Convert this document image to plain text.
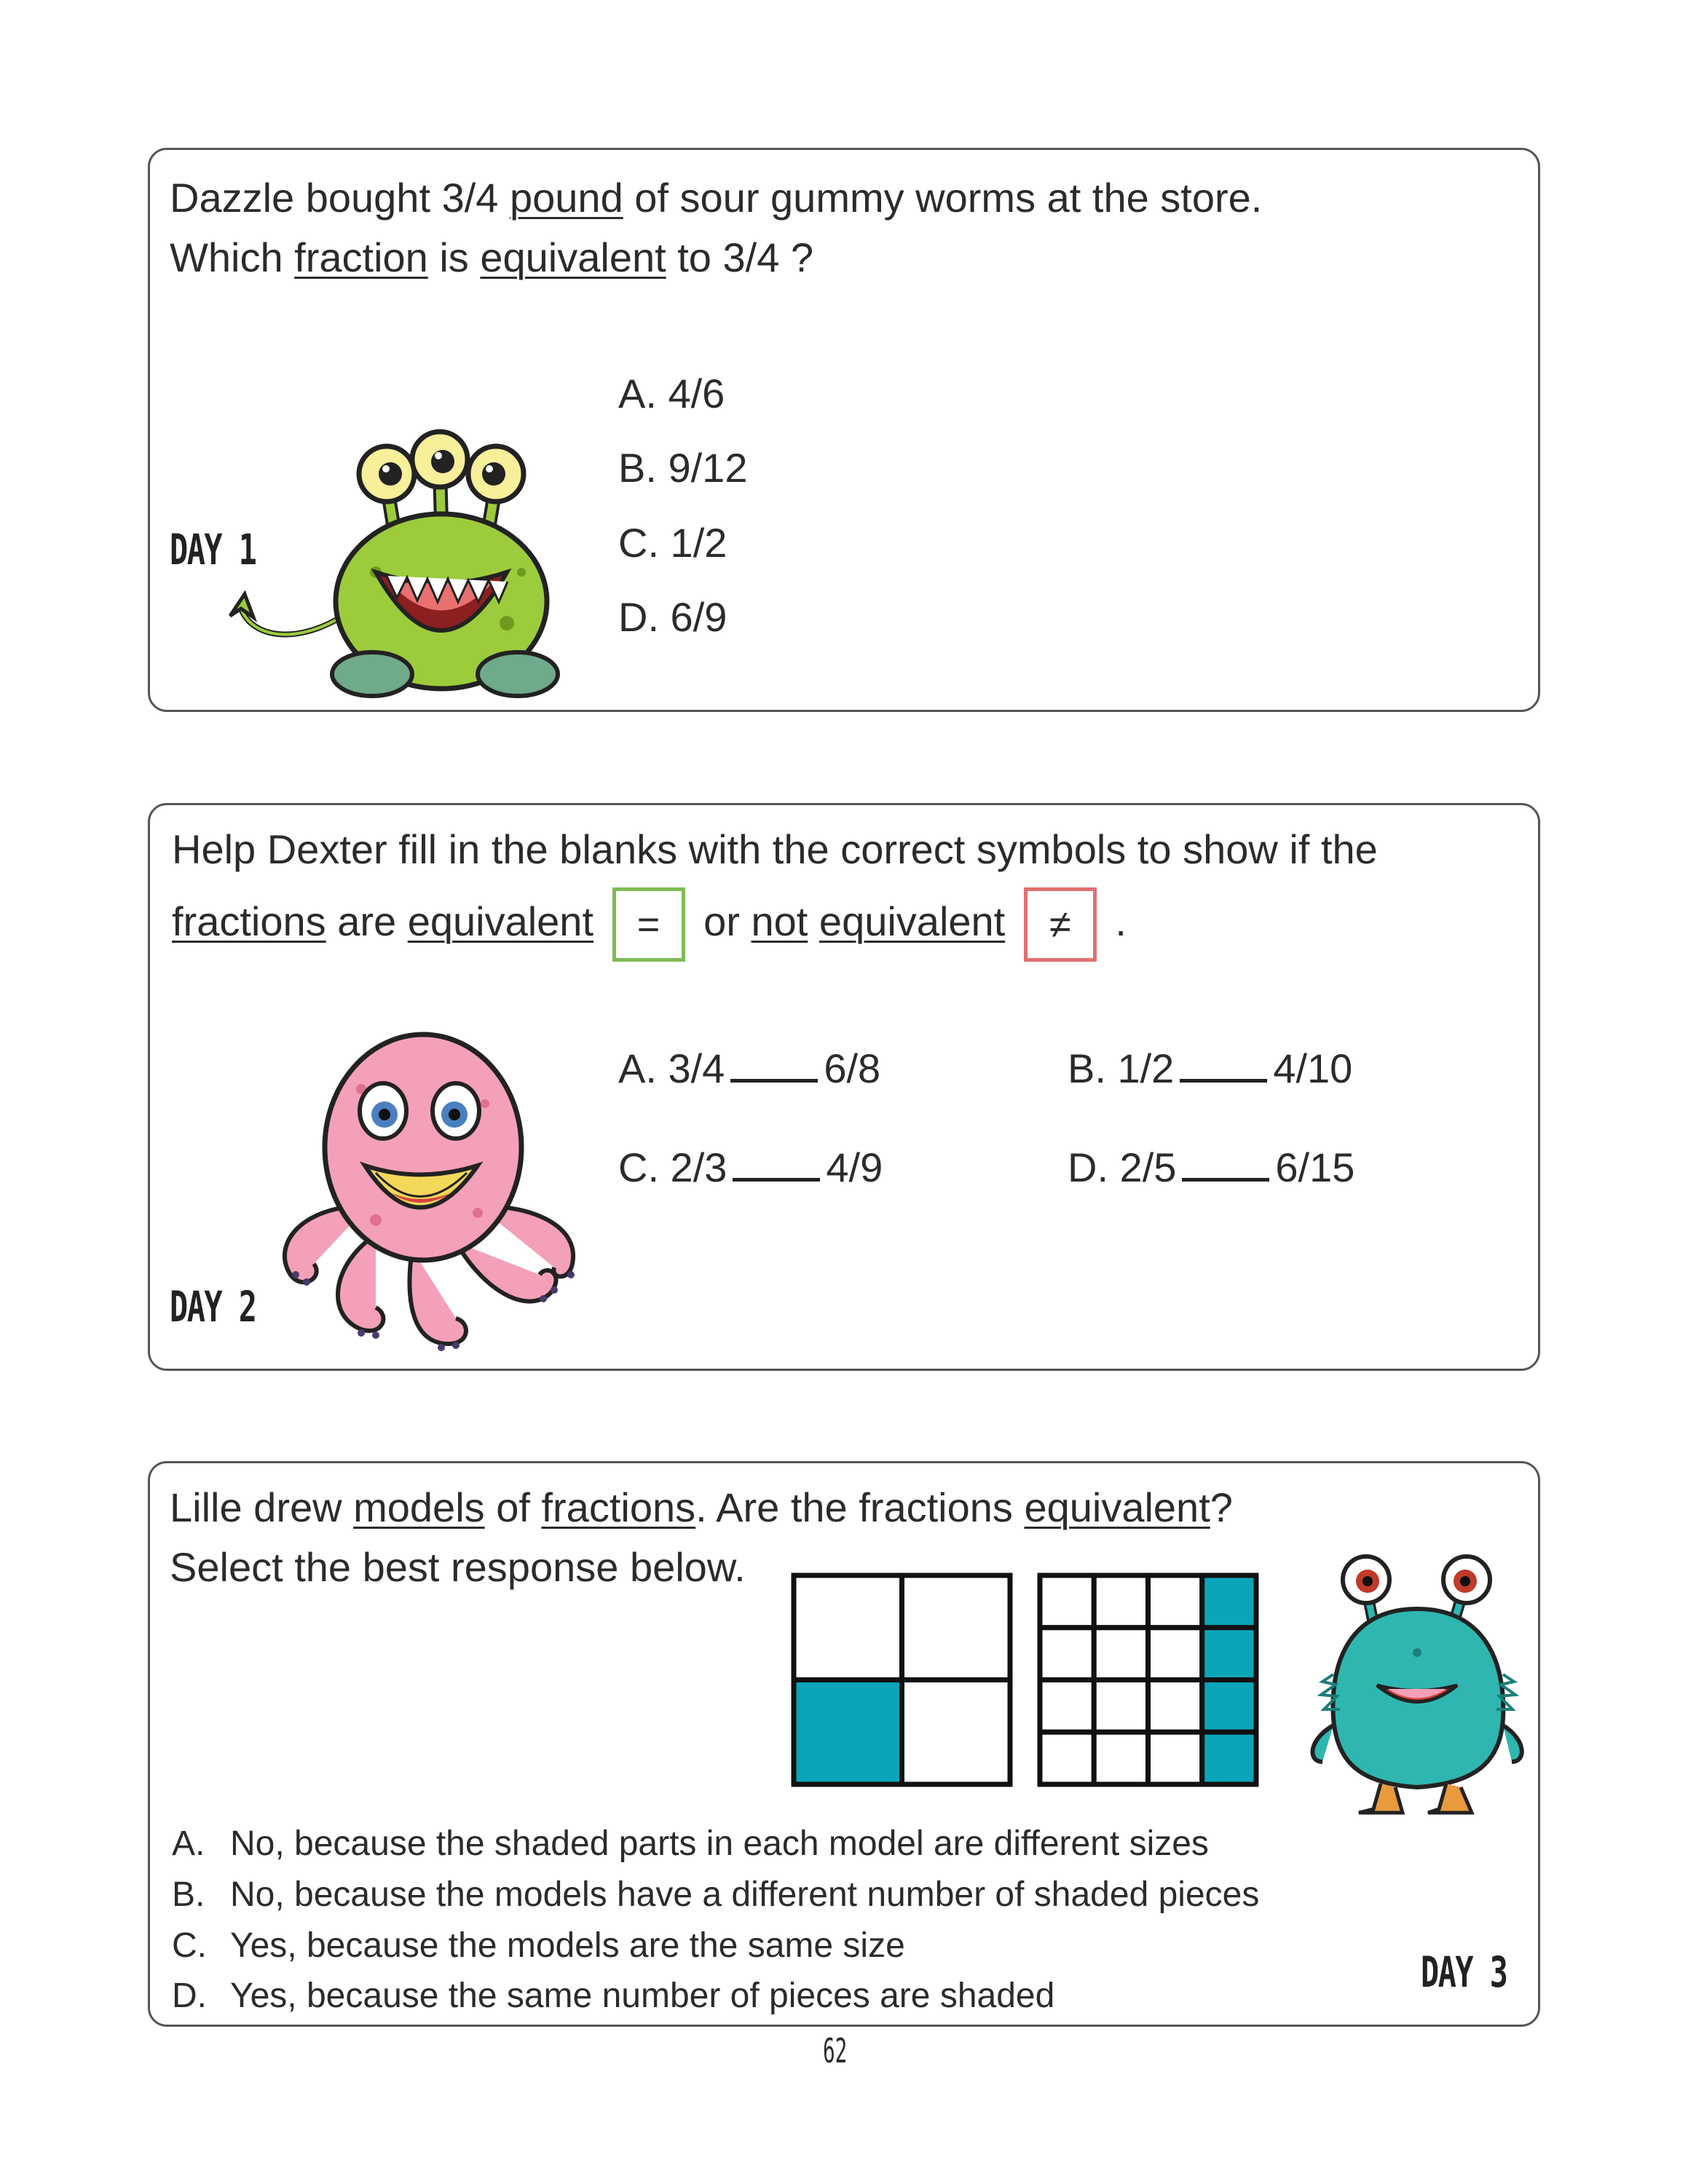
Dazzle bought 3/4 pound of sour gummy worms at the store.
Which fraction is equivalent to 3/4 ?
A. 4/6
B. 9/12
C. 1/2
D. 6/9
DAY 1
Help Dexter fill in the blanks with the correct symbols to show if the
fractions are equivalent = or not equivalent ≠ .
A. 3/4 6/8	B. 1/2 4/10
C. 2/3 4/9	D. 2/5 6/15
DAY 2
Lille drew models of fractions. Are the fractions equivalent?
Select the best response below.
A. No, because the shaded parts in each model are different sizes
B. No, because the models have a different number of shaded pieces
C. Yes, because the models are the same size
D. Yes, because the same number of pieces are shaded	DAY 3
62
